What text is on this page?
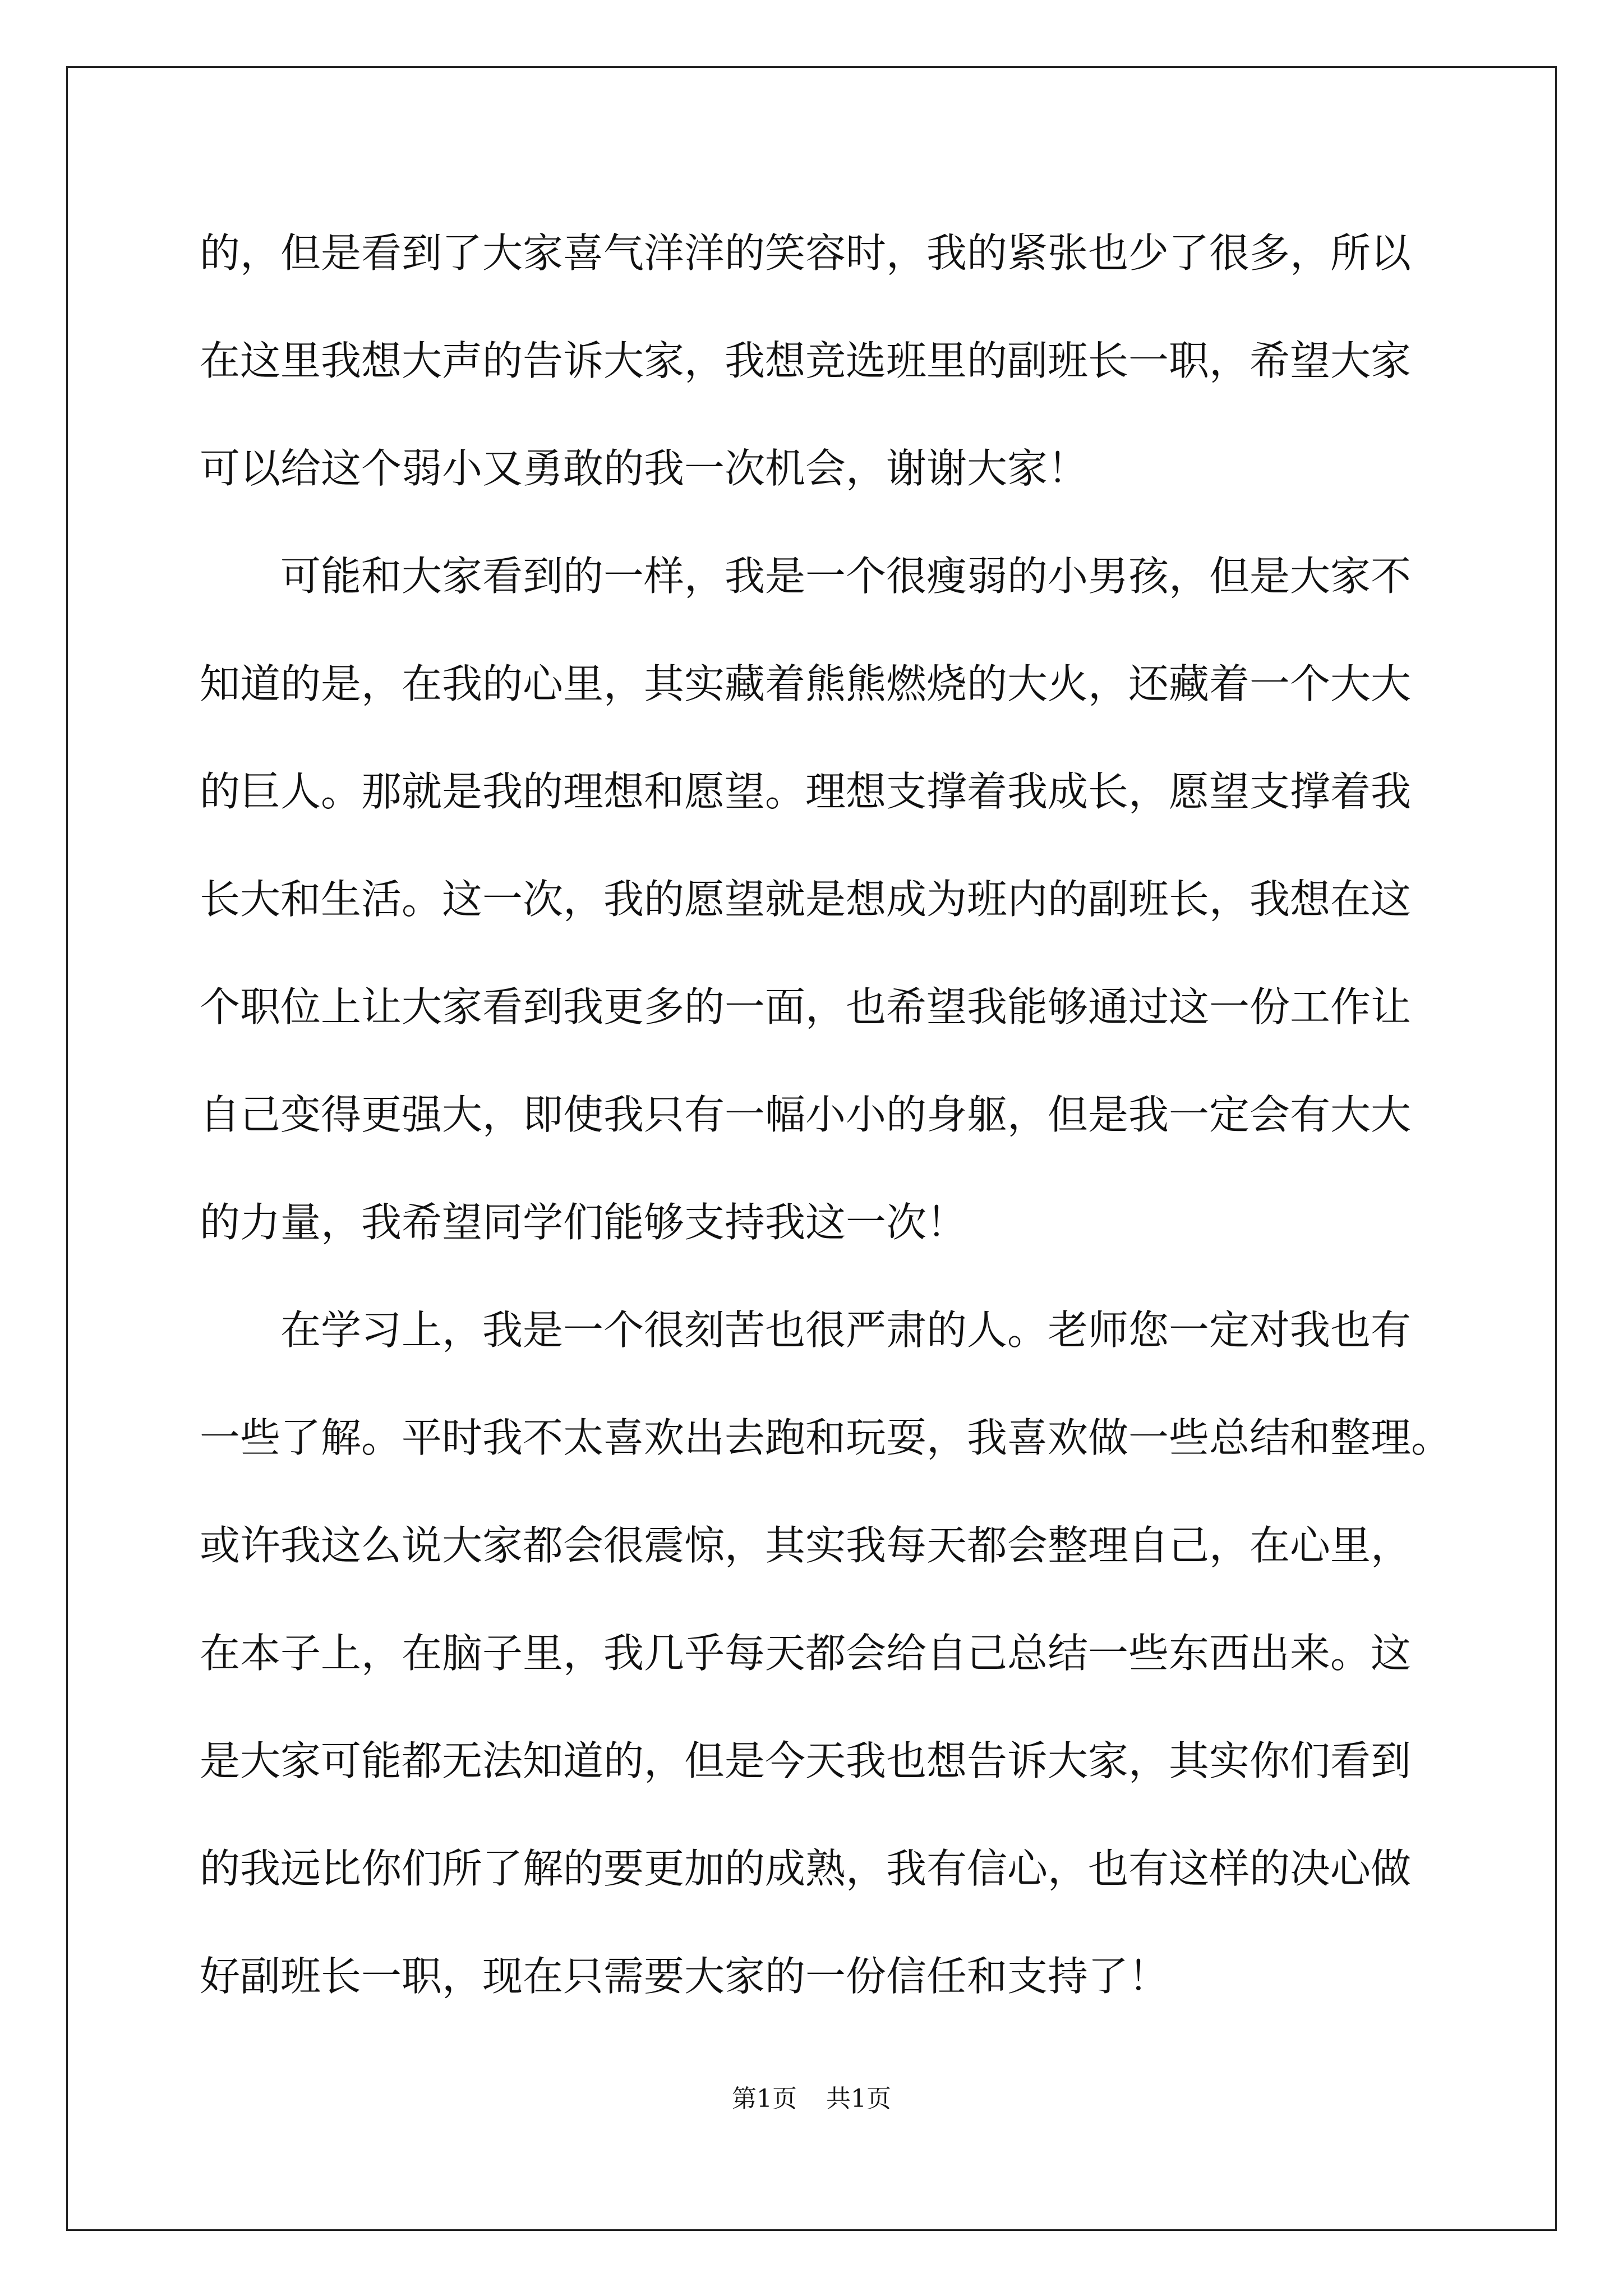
的，但是看到了大家喜气洋洋的笑容时，我的紧张也少了很多，所以

在这里我想大声的告诉大家，我想竞选班里的副班长一职，希望大家

可以给这个弱小又勇敢的我一次机会，谢谢大家！

　　可能和大家看到的一样，我是一个很瘦弱的小男孩，但是大家不

知道的是，在我的心里，其实藏着熊熊燃烧的大火，还藏着一个大大

的巨人。那就是我的理想和愿望。理想支撑着我成长，愿望支撑着我

长大和生活。这一次，我的愿望就是想成为班内的副班长，我想在这

个职位上让大家看到我更多的一面，也希望我能够通过这一份工作让

自己变得更强大，即使我只有一幅小小的身躯，但是我一定会有大大

的力量，我希望同学们能够支持我这一次！

　　在学习上，我是一个很刻苦也很严肃的人。老师您一定对我也有

一些了解。平时我不太喜欢出去跑和玩耍，我喜欢做一些总结和整理。

或许我这么说大家都会很震惊，其实我每天都会整理自己，在心里，

在本子上，在脑子里，我几乎每天都会给自己总结一些东西出来。这

是大家可能都无法知道的，但是今天我也想告诉大家，其实你们看到

的我远比你们所了解的要更加的成熟，我有信心，也有这样的决心做

好副班长一职，现在只需要大家的一份信任和支持了！

第1页 共1页
